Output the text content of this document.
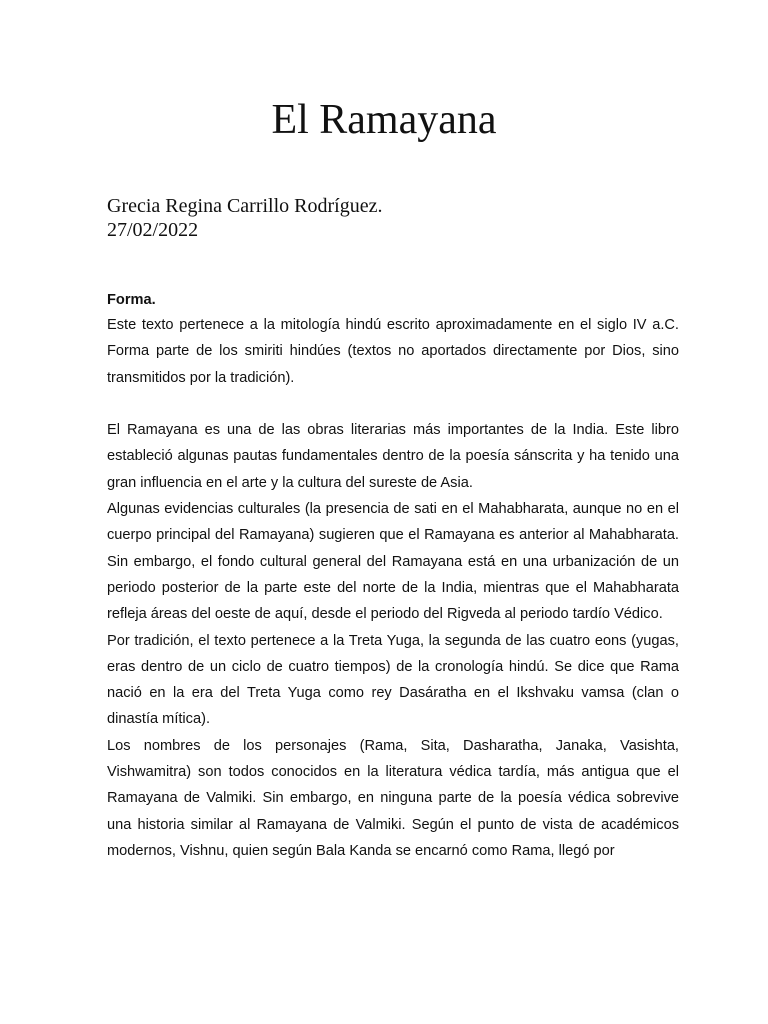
El Ramayana
Grecia Regina Carrillo Rodríguez.
27/02/2022

Forma.

Este texto pertenece a la mitología hindú escrito aproximadamente en el siglo IV a.C. Forma parte de los smiriti hindúes (textos no aportados directamente por Dios, sino transmitidos por la tradición).

El Ramayana es una de las obras literarias más importantes de la India. Este libro estableció algunas pautas fundamentales dentro de la poesía sánscrita y ha tenido una gran influencia en el arte y la cultura del sureste de Asia.

Algunas evidencias culturales (la presencia de sati en el Mahabharata, aunque no en el cuerpo principal del Ramayana) sugieren que el Ramayana es anterior al Mahabharata. Sin embargo, el fondo cultural general del Ramayana está en una urbanización de un periodo posterior de la parte este del norte de la India, mientras que el Mahabharata refleja áreas del oeste de aquí, desde el periodo del Rigveda al periodo tardío Védico.

Por tradición, el texto pertenece a la Treta Yuga, la segunda de las cuatro eons (yugas, eras dentro de un ciclo de cuatro tiempos) de la cronología hindú. Se dice que Rama nació en la era del Treta Yuga como rey Dasáratha en el Ikshvaku vamsa (clan o dinastía mítica).

Los nombres de los personajes (Rama, Sita, Dasharatha, Janaka, Vasishta, Vishwamitra) son todos conocidos en la literatura védica tardía, más antigua que el Ramayana de Valmiki. Sin embargo, en ninguna parte de la poesía védica sobrevive una historia similar al Ramayana de Valmiki. Según el punto de vista de académicos modernos, Vishnu, quien según Bala Kanda se encarnó como Rama, llegó por
